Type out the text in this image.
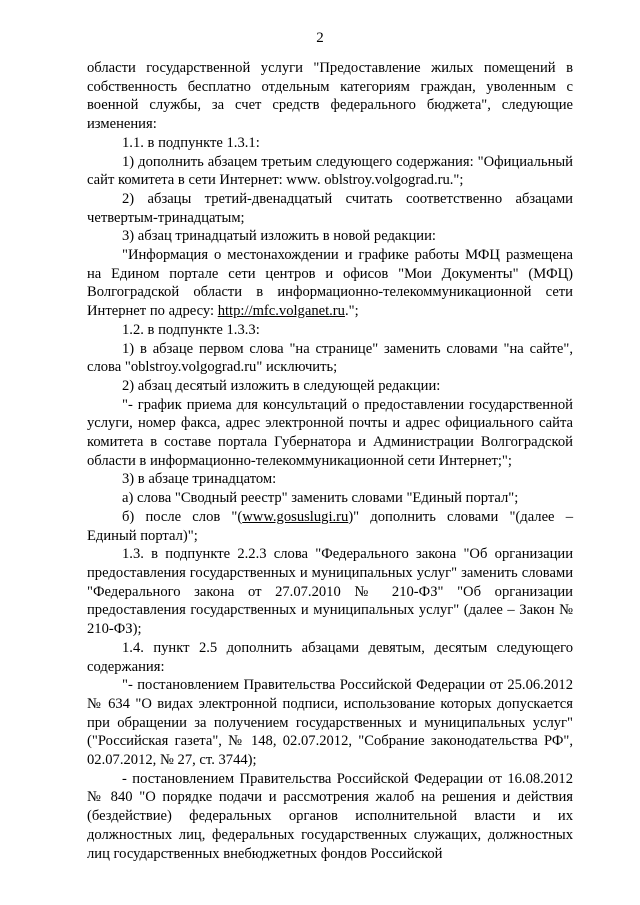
2

области государственной услуги "Предоставление жилых помещений в собственность бесплатно отдельным категориям граждан, уволенным с военной службы, за счет средств федерального бюджета", следующие изменения:

1.1. в подпункте 1.3.1:

1) дополнить абзацем третьим следующего содержания: "Официальный сайт комитета в сети Интернет: www. oblstroy.volgograd.ru.";

2) абзацы третий-двенадцатый считать соответственно абзацами четвертым-тринадцатым;

3) абзац тринадцатый изложить в новой редакции:

"Информация о местонахождении и графике работы МФЦ размещена на Едином портале сети центров и офисов "Мои Документы" (МФЦ) Волгоградской области в информационно-телекоммуникационной сети Интернет по адресу: http://mfc.volganet.ru.";

1.2. в подпункте 1.3.3:

1) в абзаце первом слова "на странице" заменить словами "на сайте", слова "oblstroy.volgograd.ru" исключить;

2) абзац десятый изложить в следующей редакции:

"- график приема для консультаций о предоставлении государственной услуги, номер факса, адрес электронной почты и адрес официального сайта комитета в составе портала Губернатора и Администрации Волгоградской области в информационно-телекоммуникационной сети Интернет;";

3) в абзаце тринадцатом:

а) слова "Сводный реестр" заменить словами "Единый портал";

б) после слов "(www.gosuslugi.ru)" дополнить словами "(далее – Единый портал)";

1.3. в подпункте 2.2.3 слова "Федерального закона "Об организации предоставления государственных и муниципальных услуг" заменить словами "Федерального закона от 27.07.2010 № 210-ФЗ" "Об организации предоставления государственных и муниципальных услуг" (далее – Закон № 210-ФЗ);

1.4. пункт 2.5 дополнить абзацами девятым, десятым следующего содержания:

"- постановлением Правительства Российской Федерации от 25.06.2012 № 634 "О видах электронной подписи, использование которых допускается при обращении за получением государственных и муниципальных услуг" ("Российская газета", № 148, 02.07.2012, "Собрание законодательства РФ", 02.07.2012, № 27, ст. 3744);

- постановлением Правительства Российской Федерации от 16.08.2012 № 840 "О порядке подачи и рассмотрения жалоб на решения и действия (бездействие) федеральных органов исполнительной власти и их должностных лиц, федеральных государственных служащих, должностных лиц государственных внебюджетных фондов Российской
